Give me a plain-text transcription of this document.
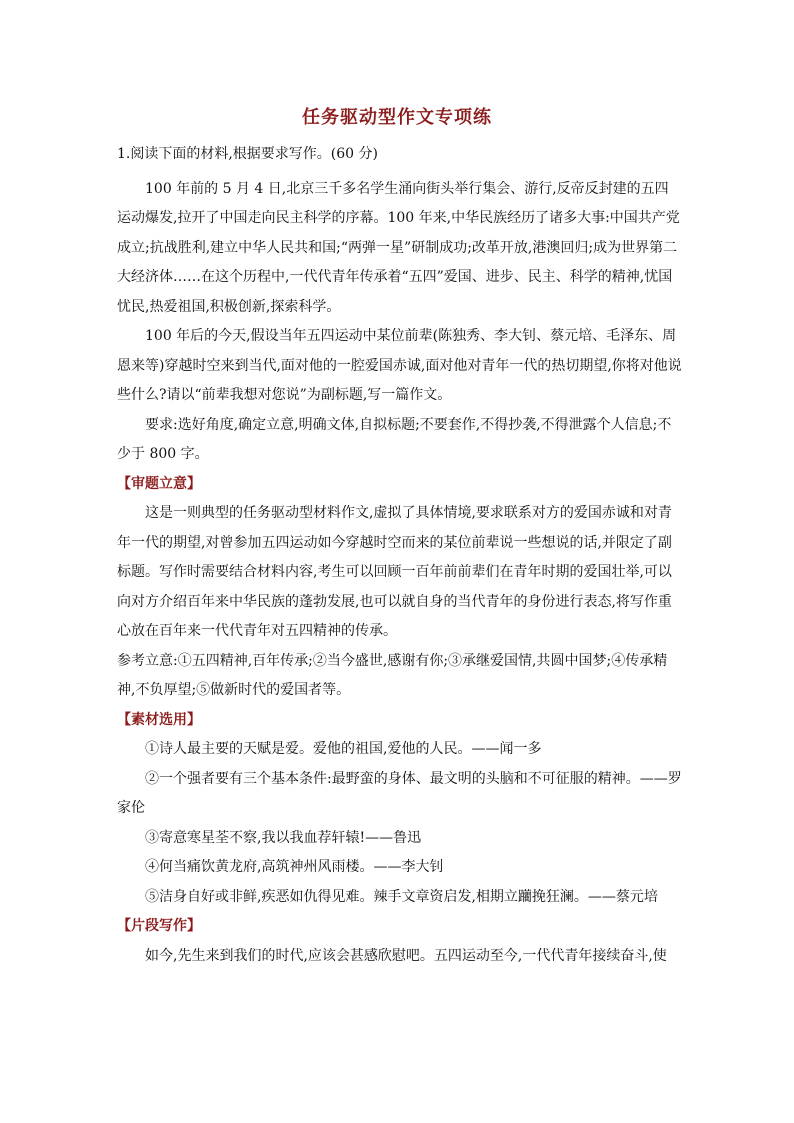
任务驱动型作文专项练

1.阅读下面的材料,根据要求写作。(60 分)

100 年前的 5 月 4 日,北京三千多名学生涌向街头举行集会、游行,反帝反封建的五四运动爆发,拉开了中国走向民主科学的序幕。100 年来,中华民族经历了诸多大事:中国共产党成立;抗战胜利,建立中华人民共和国;“两弹一星”研制成功;改革开放,港澳回归;成为世界第二大经济体……在这个历程中,一代代青年传承着“五四”爱国、进步、民主、科学的精神,忧国忧民,热爱祖国,积极创新,探索科学。

100 年后的今天,假设当年五四运动中某位前辈(陈独秀、李大钊、蔡元培、毛泽东、周恩来等)穿越时空来到当代,面对他的一腔爱国赤诚,面对他对青年一代的热切期望,你将对他说些什么?请以“前辈我想对您说”为副标题,写一篇作文。

要求:选好角度,确定立意,明确文体,自拟标题;不要套作,不得抄袭,不得泄露个人信息;不少于 800 字。

【审题立意】

这是一则典型的任务驱动型材料作文,虚拟了具体情境,要求联系对方的爱国赤诚和对青年一代的期望,对曾参加五四运动如今穿越时空而来的某位前辈说一些想说的话,并限定了副标题。写作时需要结合材料内容,考生可以回顾一百年前前辈们在青年时期的爱国壮举,可以向对方介绍百年来中华民族的蓬勃发展,也可以就自身的当代青年的身份进行表态,将写作重心放在百年来一代代青年对五四精神的传承。

参考立意:①五四精神,百年传承;②当今盛世,感谢有你;③承继爱国情,共圆中国梦;④传承精神,不负厚望;⑤做新时代的爱国者等。

【素材选用】

①诗人最主要的天赋是爱。爱他的祖国,爱他的人民。——闻一多

②一个强者要有三个基本条件:最野蛮的身体、最文明的头脑和不可征服的精神。——罗家伦

③寄意寒星荃不察,我以我血荐轩辕!——鲁迅

④何当痛饮黄龙府,高筑神州风雨楼。——李大钊

⑤洁身自好或非鲜,疾恶如仇得见难。辣手文章资启发,相期立躪挽狂澜。——蔡元培

【片段写作】

如今,先生来到我们的时代,应该会甚感欣慰吧。五四运动至今,一代代青年接续奋斗,使
